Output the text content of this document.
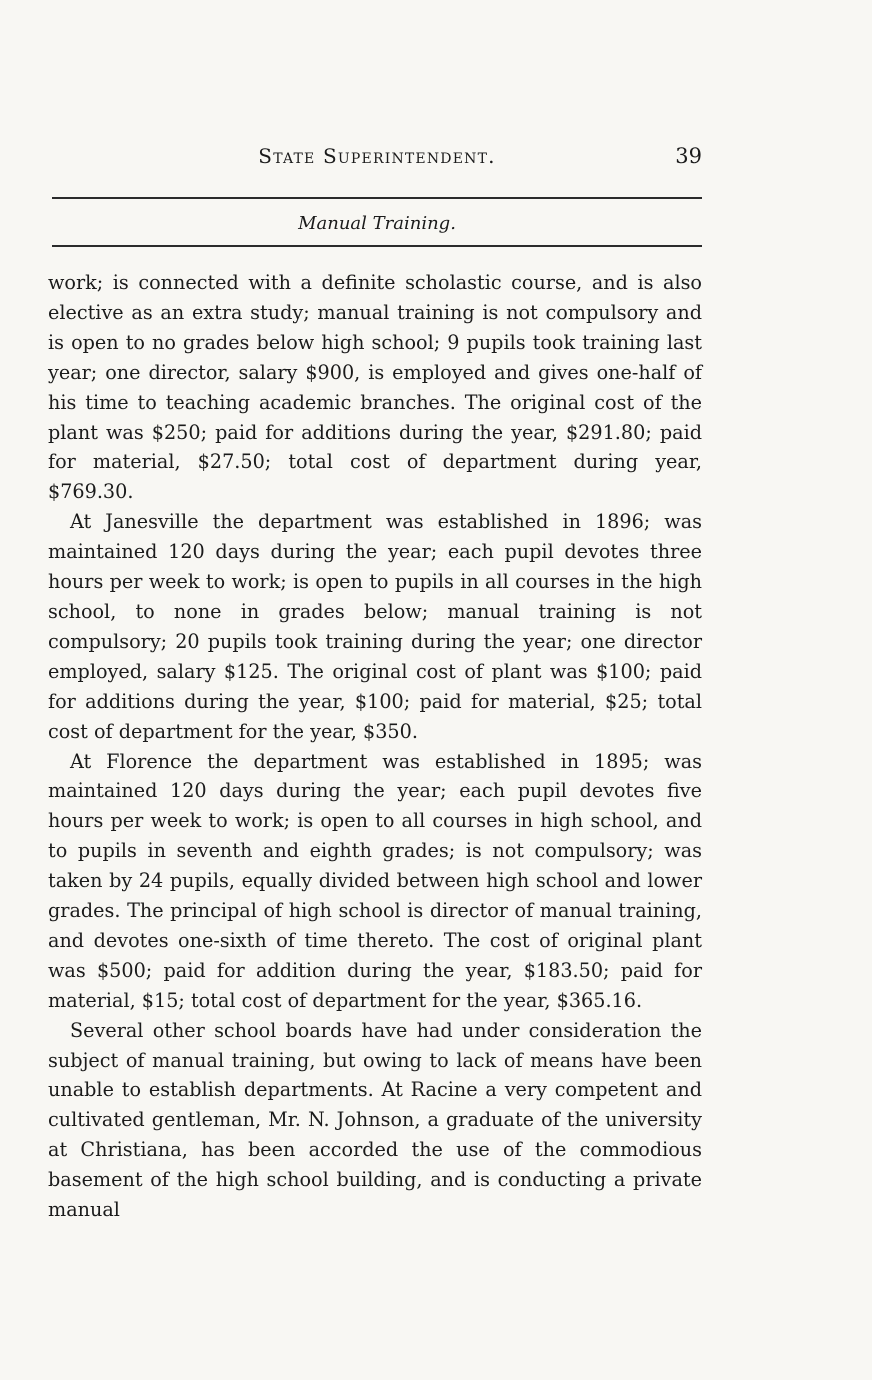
State Superintendent.	39
Manual Training.

work; is connected with a definite scholastic course, and is also elective as an extra study; manual training is not compulsory and is open to no grades below high school; 9 pupils took training last year; one director, salary $900, is employed and gives one-half of his time to teaching academic branches. The original cost of the plant was $250; paid for additions during the year, $291.80; paid for material, $27.50; total cost of department during year, $769.30.

At Janesville the department was established in 1896; was maintained 120 days during the year; each pupil devotes three hours per week to work; is open to pupils in all courses in the high school, to none in grades below; manual training is not compulsory; 20 pupils took training during the year; one director employed, salary $125. The original cost of plant was $100; paid for additions during the year, $100; paid for material, $25; total cost of department for the year, $350.

At Florence the department was established in 1895; was maintained 120 days during the year; each pupil devotes five hours per week to work; is open to all courses in high school, and to pupils in seventh and eighth grades; is not compulsory; was taken by 24 pupils, equally divided between high school and lower grades. The principal of high school is director of manual training, and devotes one-sixth of time thereto. The cost of original plant was $500; paid for addition during the year, $183.50; paid for material, $15; total cost of department for the year, $365.16.

Several other school boards have had under consideration the subject of manual training, but owing to lack of means have been unable to establish departments. At Racine a very competent and cultivated gentleman, Mr. N. Johnson, a graduate of the university at Christiana, has been accorded the use of the commodious basement of the high school building, and is conducting a private manual
